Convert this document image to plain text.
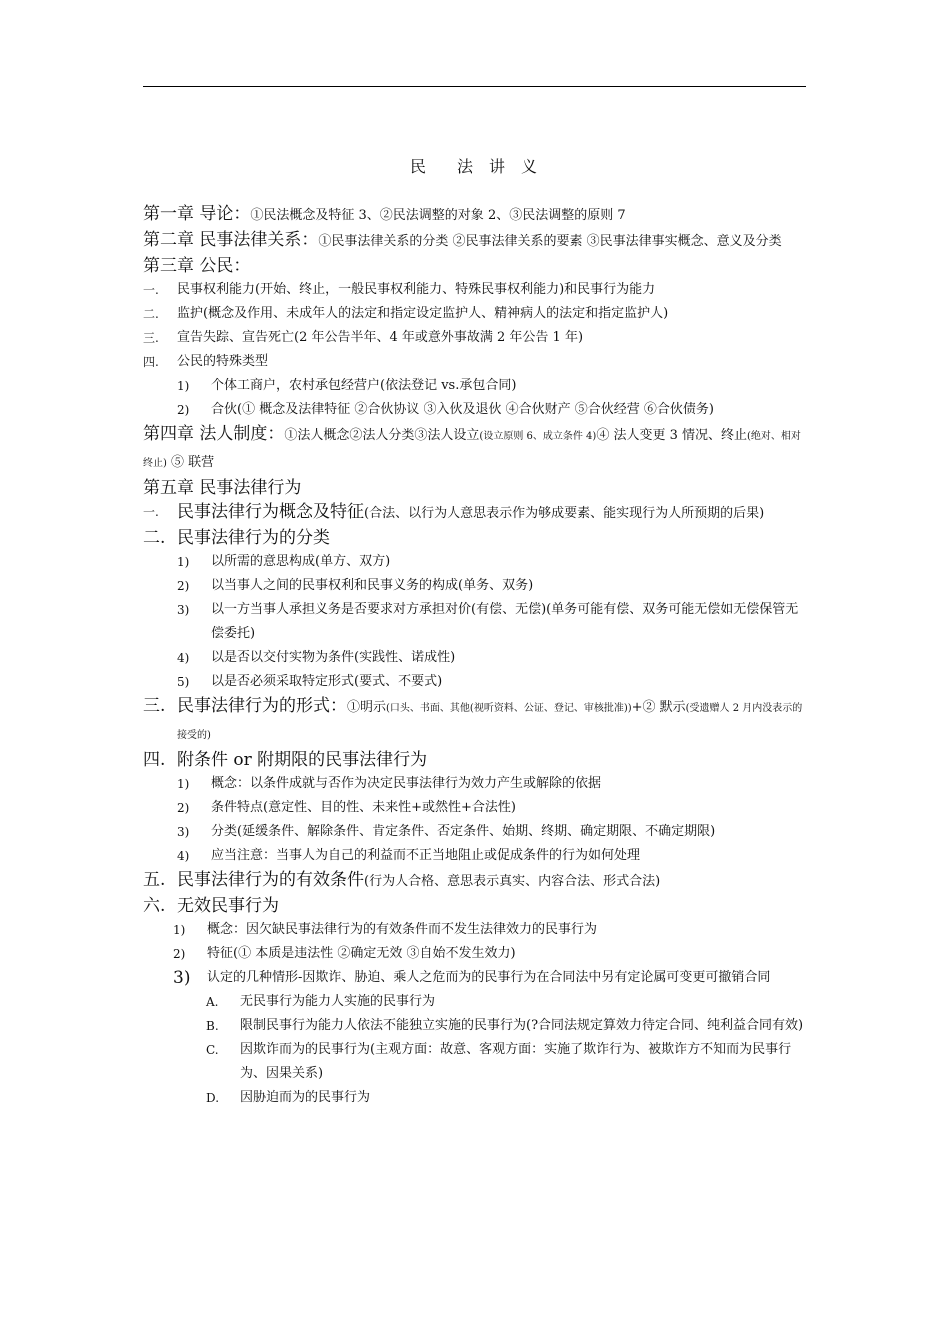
民 法 讲 义
第一章 导论：①民法概念及特征 3、②民法调整的对象 2、③民法调整的原则 7
第二章 民事法律关系：①民事法律关系的分类 ②民事法律关系的要素 ③民事法律事实概念、意义及分类
第三章 公民：
一.	民事权利能力(开始、终止，一般民事权利能力、特殊民事权利能力)和民事行为能力
二.	监护(概念及作用、未成年人的法定和指定设定监护人、精神病人的法定和指定监护人)
三.	宣告失踪、宣告死亡(2 年公告半年、4 年或意外事故满 2 年公告 1 年)
四.	公民的特殊类型
1)	个体工商户，农村承包经营户(依法登记 vs.承包合同)
2)	合伙(① 概念及法律特征 ②合伙协议 ③入伙及退伙 ④合伙财产 ⑤合伙经营 ⑥合伙债务)
第四章 法人制度：①法人概念②法人分类③法人设立(设立原则 6、成立条件 4)④ 法人变更 3 情况、终止(绝对、相对终止) ⑤ 联营
第五章 民事法律行为
一.	民事法律行为概念及特征(合法、以行为人意思表示作为够成要素、能实现行为人所预期的后果)
二. 民事法律行为的分类
1)	以所需的意思构成(单方、双方)
2)	以当事人之间的民事权利和民事义务的构成(单务、双务)
3)	以一方当事人承担义务是否要求对方承担对价(有偿、无偿)(单务可能有偿、双务可能无偿如无偿保管无偿委托)
4)	以是否以交付实物为条件(实践性、诺成性)
5)	以是否必须采取特定形式(要式、不要式)
三. 民事法律行为的形式：①明示(口头、书面、其他(视听资料、公证、登记、审核批准))+② 默示(受遗赠人 2 月内没表示的接受的)
四. 附条件 or 附期限的民事法律行为
1)	概念：以条件成就与否作为决定民事法律行为效力产生或解除的依据
2)	条件特点(意定性、目的性、未来性+或然性+合法性)
3)	分类(延缓条件、解除条件、肯定条件、否定条件、始期、终期、确定期限、不确定期限)
4)	应当注意：当事人为自己的利益而不正当地阻止或促成条件的行为如何处理
五. 民事法律行为的有效条件(行为人合格、意思表示真实、内容合法、形式合法)
六. 无效民事行为
1)	概念：因欠缺民事法律行为的有效条件而不发生法律效力的民事行为
2)	特征(① 本质是违法性 ②确定无效 ③自始不发生效力)
3)	认定的几种情形-因欺诈、胁迫、乘人之危而为的民事行为在合同法中另有定论属可变更可撤销合同
A.	无民事行为能力人实施的民事行为
B.	限制民事行为能力人依法不能独立实施的民事行为(?合同法规定算效力待定合同、纯利益合同有效)
C.	因欺诈而为的民事行为(主观方面：故意、客观方面：实施了欺诈行为、被欺诈方不知而为民事行为、因果关系)
D.	因胁迫而为的民事行为
